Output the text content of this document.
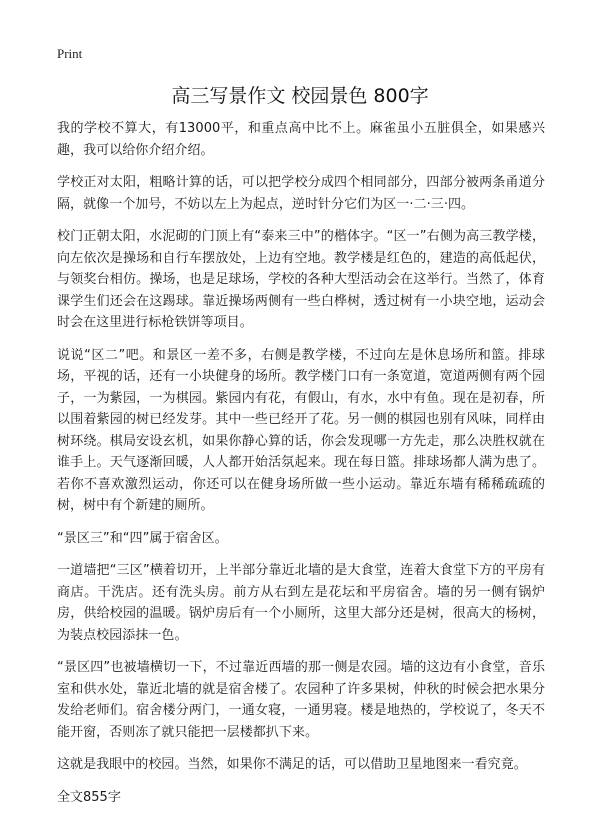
Print
高三写景作文 校园景色 800字

我的学校不算大，有13000平，和重点高中比不上。麻雀虽小五脏俱全，如果感兴趣，我可以给你介绍介绍。

学校正对太阳，粗略计算的话，可以把学校分成四个相同部分，四部分被两条甬道分隔，就像一个加号，不妨以左上为起点，逆时针分它们为区一·二·三·四。

校门正朝太阳，水泥砌的门顶上有“泰来三中”的楷体字。“区一”右侧为高三教学楼，向左依次是操场和自行车摆放处，上边有空地。教学楼是红色的，建造的高低起伏，与领奖台相仿。操场，也是足球场，学校的各种大型活动会在这举行。当然了，体育课学生们还会在这踢球。靠近操场两侧有一些白桦树，透过树有一小块空地，运动会时会在这里进行标枪铁饼等项目。

说说“区二”吧。和景区一差不多，右侧是教学楼，不过向左是休息场所和篮。排球场，平视的话，还有一小块健身的场所。教学楼门口有一条宽道，宽道两侧有两个园子，一为紫园，一为棋园。紫园内有花，有假山，有水，水中有鱼。现在是初春，所以围着紫园的树已经发芽。其中一些已经开了花。另一侧的棋园也别有风味，同样由树环绕。棋局安设玄机，如果你静心算的话，你会发现哪一方先走，那么决胜权就在谁手上。天气逐渐回暖，人人都开始活氛起来。现在每日篮。排球场都人满为患了。若你不喜欢激烈运动，你还可以在健身场所做一些小运动。靠近东墙有稀稀疏疏的树，树中有个新建的厕所。

“景区三”和“四”属于宿舍区。

一道墙把“三区”横着切开，上半部分靠近北墙的是大食堂，连着大食堂下方的平房有商店。干洗店。还有洗头房。前方从右到左是花坛和平房宿舍。墙的另一侧有锅炉房，供给校园的温暖。锅炉房后有一个小厕所，这里大部分还是树，很高大的杨树，为装点校园添抹一色。

“景区四”也被墙横切一下，不过靠近西墙的那一侧是农园。墙的这边有小食堂，音乐室和供水处，靠近北墙的就是宿舍楼了。农园种了许多果树，仲秋的时候会把水果分发给老师们。宿舍楼分两门，一通女寝，一通男寝。楼是地热的，学校说了，冬天不能开窗，否则冻了就只能把一层楼都扒下来。

这就是我眼中的校园。当然，如果你不满足的话，可以借助卫星地图来一看究竟。

全文855字
